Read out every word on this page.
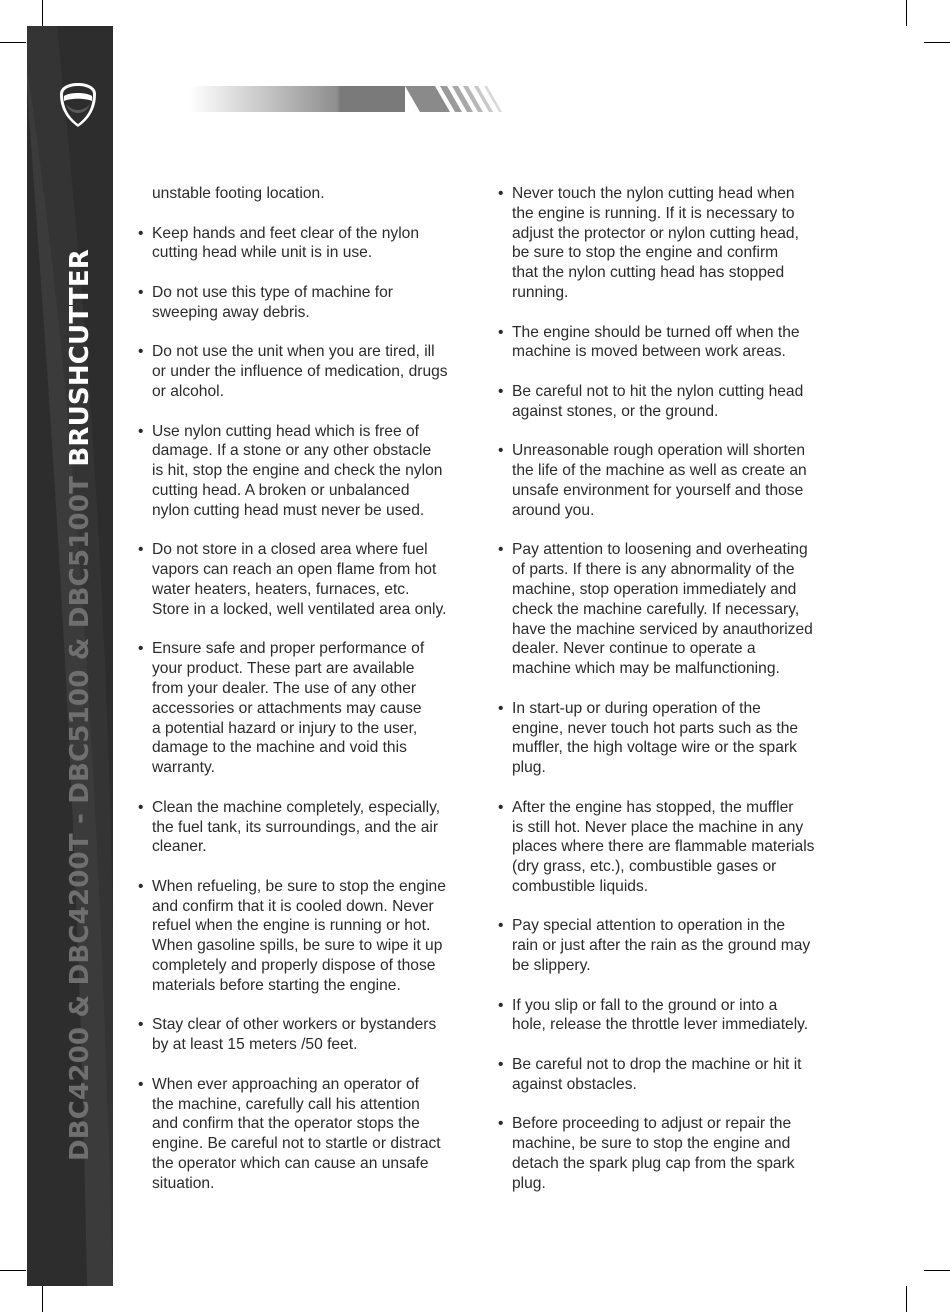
DBC4200 & DBC4200T - DBC5100 & DBC5100T BRUSHCUTTER
unstable footing location.
• Keep hands and feet clear of the nylon
cutting head while unit is in use.
• Do not use this type of machine for
sweeping away debris.
• Do not use the unit when you are tired, ill
or under the influence of medication, drugs
or alcohol.
• Use nylon cutting head which is free of
damage. If a stone or any other obstacle
is hit, stop the engine and check the nylon
cutting head. A broken or unbalanced
nylon cutting head must never be used.
• Do not store in a closed area where fuel
vapors can reach an open flame from hot
water heaters, heaters, furnaces, etc.
Store in a locked, well ventilated area only.
• Ensure safe and proper performance of
your product. These part are available
from your dealer. The use of any other
accessories or attachments may cause
a potential hazard or injury to the user,
damage to the machine and void this
warranty.
• Clean the machine completely, especially,
the fuel tank, its surroundings, and the air
cleaner.
• When refueling, be sure to stop the engine
and confirm that it is cooled down. Never
refuel when the engine is running or hot.
When gasoline spills, be sure to wipe it up
completely and properly dispose of those
materials before starting the engine.
• Stay clear of other workers or bystanders
by at least 15 meters /50 feet.
• When ever approaching an operator of
the machine, carefully call his attention
and confirm that the operator stops the
engine. Be careful not to startle or distract
the operator which can cause an unsafe
situation.
• Never touch the nylon cutting head when
the engine is running. If it is necessary to
adjust the protector or nylon cutting head,
be sure to stop the engine and confirm
that the nylon cutting head has stopped
running.
• The engine should be turned off when the
machine is moved between work areas.
• Be careful not to hit the nylon cutting head
against stones, or the ground.
• Unreasonable rough operation will shorten
the life of the machine as well as create an
unsafe environment for yourself and those
around you.
• Pay attention to loosening and overheating
of parts. If there is any abnormality of the
machine, stop operation immediately and
check the machine carefully. If necessary,
have the machine serviced by anauthorized
dealer. Never continue to operate a
machine which may be malfunctioning.
• In start-up or during operation of the
engine, never touch hot parts such as the
muffler, the high voltage wire or the spark
plug.
• After the engine has stopped, the muffler
is still hot. Never place the machine in any
places where there are flammable materials
(dry grass, etc.), combustible gases or
combustible liquids.
• Pay special attention to operation in the
rain or just after the rain as the ground may
be slippery.
• If you slip or fall to the ground or into a
hole, release the throttle lever immediately.
• Be careful not to drop the machine or hit it
against obstacles.
• Before proceeding to adjust or repair the
machine, be sure to stop the engine and
detach the spark plug cap from the spark
plug.
